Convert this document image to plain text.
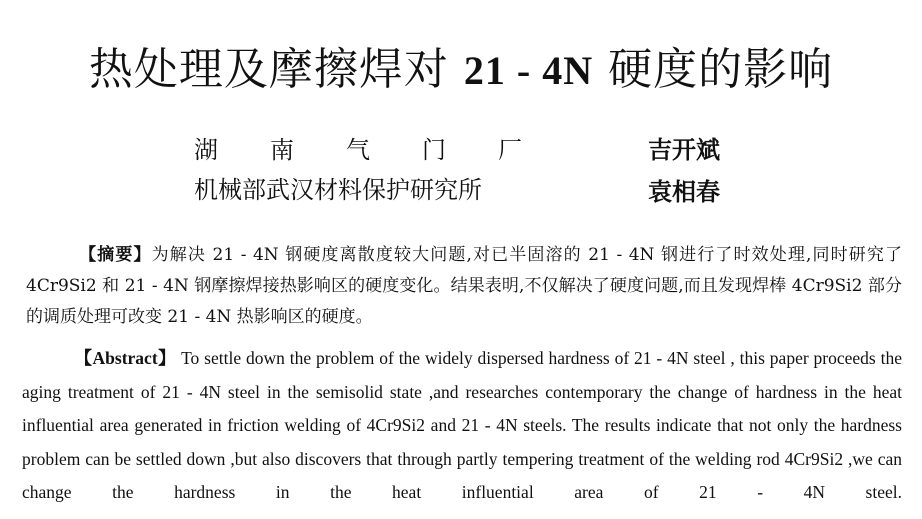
热处理及摩擦焊对 21 - 4N 硬度的影响
湖南气门厂	吉开斌
机械部武汉材料保护研究所	袁相春
【摘要】为解决 21 - 4N 钢硬度离散度较大问题,对已半固溶的 21 - 4N 钢进行了时效处理,同时研究了 4Cr9Si2 和 21 - 4N 钢摩擦焊接热影响区的硬度变化。结果表明,不仅解决了硬度问题,而且发现焊棒 4Cr9Si2 部分的调质处理可改变 21 - 4N 热影响区的硬度。
【Abstract】 To settle down the problem of the widely dispersed hardness of 21 - 4N steel , this paper proceeds the aging treatment of 21 - 4N steel in the semisolid state ,and researches contemporary the change of hardness in the heat influential area generated in friction welding of 4Cr9Si2 and 21 - 4N steels. The results indicate that not only the hardness problem can be settled down ,but also discovers that through partly tempering treatment of the welding rod 4Cr9Si2 ,we can change the hardness in the heat influential area of 21 - 4N steel.
